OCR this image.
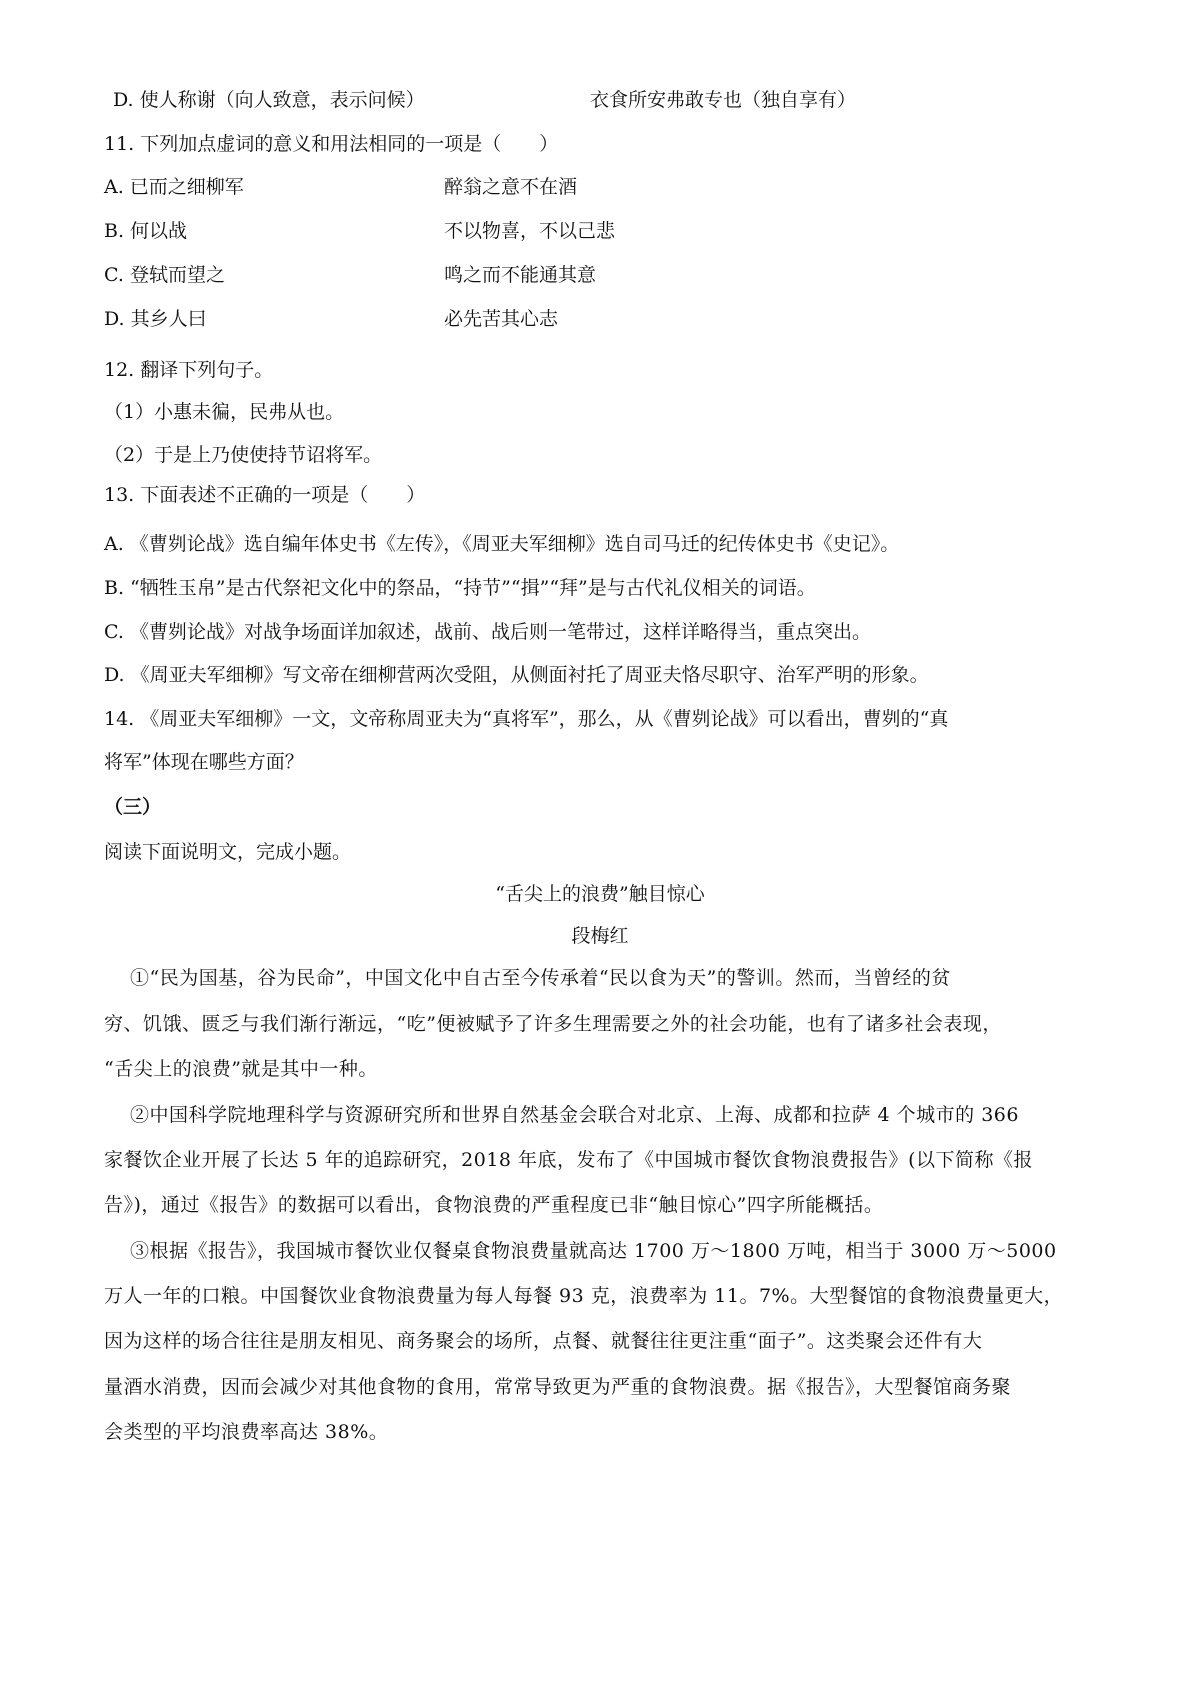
D. 使人称谢（向人致意，表示问候）	衣食所安弗敢专也（独自享有）
11. 下列加点虚词的意义和用法相同的一项是（　　）
A. 已而之细柳军	醉翁之意不在酒
B. 何以战	不以物喜，不以己悲
C. 登轼而望之	鸣之而不能通其意
D. 其乡人曰	必先苦其心志
12. 翻译下列句子。
（1）小惠未徧，民弗从也。
（2）于是上乃使使持节诏将军。
13. 下面表述不正确的一项是（　　）
A. 《曹刿论战》选自编年体史书《左传》，《周亚夫军细柳》选自司马迁的纪传体史书《史记》。
B. “牺牲玉帛”是古代祭祀文化中的祭品，“持节”“揖”“拜”是与古代礼仪相关的词语。
C. 《曹刿论战》对战争场面详加叙述，战前、战后则一笔带过，这样详略得当，重点突出。
D. 《周亚夫军细柳》写文帝在细柳营两次受阻，从侧面衬托了周亚夫恪尽职守、治军严明的形象。
14. 《周亚夫军细柳》一文，文帝称周亚夫为“真将军”，那么，从《曹刿论战》可以看出，曹刿的“真
将军”体现在哪些方面？
（三）
阅读下面说明文，完成小题。
“舌尖上的浪费”触目惊心
段梅红
①“民为国基，谷为民命”，中国文化中自古至今传承着“民以食为天”的警训。然而，当曾经的贫
穷、饥饿、匮乏与我们渐行渐远，“吃”便被赋予了许多生理需要之外的社会功能，也有了诸多社会表现，
“舌尖上的浪费”就是其中一种。
②中国科学院地理科学与资源研究所和世界自然基金会联合对北京、上海、成都和拉萨 4 个城市的 366
家餐饮企业开展了长达 5 年的追踪研究，2018 年底，发布了《中国城市餐饮食物浪费报告》(以下简称《报
告》)，通过《报告》的数据可以看出，食物浪费的严重程度已非“触目惊心”四字所能概括。
③根据《报告》，我国城市餐饮业仅餐桌食物浪费量就高达 1700 万～1800 万吨，相当于 3000 万～5000
万人一年的口粮。中国餐饮业食物浪费量为每人每餐 93 克，浪费率为 11。7%。大型餐馆的食物浪费量更大，
因为这样的场合往往是朋友相见、商务聚会的场所，点餐、就餐往往更注重“面子”。这类聚会还件有大
量酒水消费，因而会减少对其他食物的食用，常常导致更为严重的食物浪费。据《报告》，大型餐馆商务聚
会类型的平均浪费率高达 38%。
